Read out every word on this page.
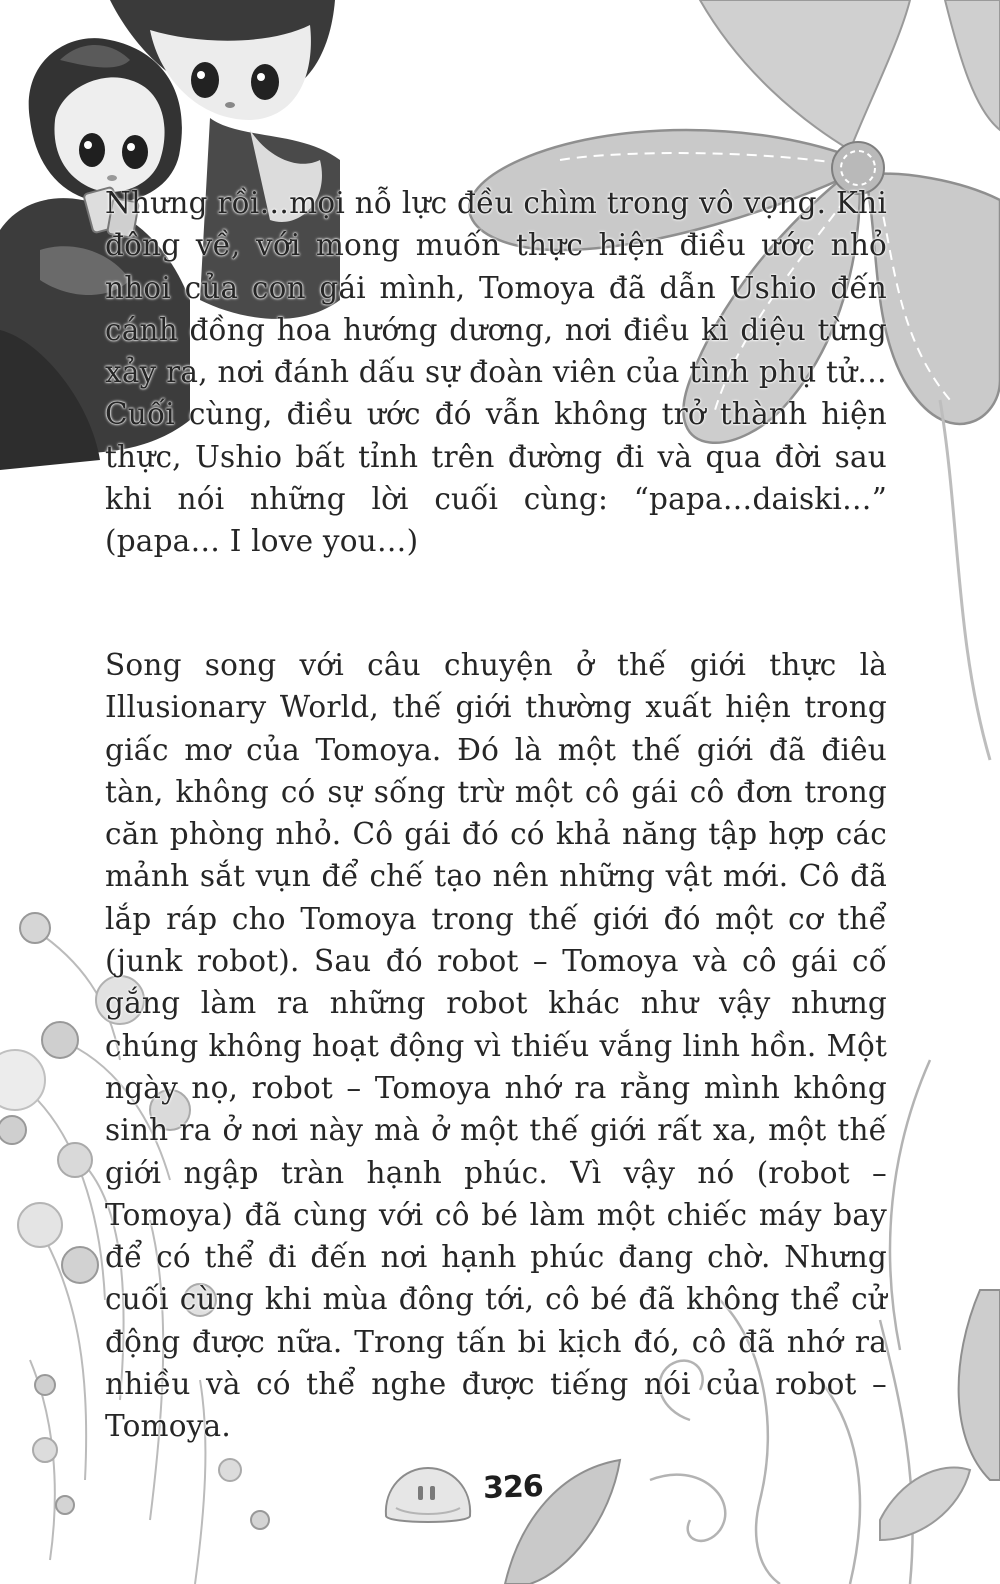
Nhưng rồi…mọi nỗ lực đều chìm trong vô vọng. Khi đông về, với mong muốn thực hiện điều ước nhỏ nhoi của con gái mình, Tomoya đã dẫn Ushio đến cánh đồng hoa hướng dương, nơi điều kì diệu từng xảy ra, nơi đánh dấu sự đoàn viên của tình phụ tử…Cuối cùng, điều ước đó vẫn không trở thành hiện thực, Ushio bất tỉnh trên đường đi và qua đời sau khi nói những lời cuối cùng: “papa…daiski…” (papa… I love you…)

Song song với câu chuyện ở thế giới thực là Illusionary World, thế giới thường xuất hiện trong giấc mơ của Tomoya. Đó là một thế giới đã điêu tàn, không có sự sống trừ một cô gái cô đơn trong căn phòng nhỏ. Cô gái đó có khả năng tập hợp các mảnh sắt vụn để chế tạo nên những vật mới. Cô đã lắp ráp cho Tomoya trong thế giới đó một cơ thể (junk robot). Sau đó robot – Tomoya và cô gái cố gắng làm ra những robot khác như vậy nhưng chúng không hoạt động vì thiếu vắng linh hồn. Một ngày nọ, robot – Tomoya nhớ ra rằng mình không sinh ra ở nơi này mà ở một thế giới rất xa, một thế giới ngập tràn hạnh phúc. Vì vậy nó (robot – Tomoya) đã cùng với cô bé làm một chiếc máy bay để có thể đi đến nơi hạnh phúc đang chờ. Nhưng cuối cùng khi mùa đông tới, cô bé đã không thể cử động được nữa. Trong tấn bi kịch đó, cô đã nhớ ra nhiều và có thể nghe được tiếng nói của robot – Tomoya.

326
